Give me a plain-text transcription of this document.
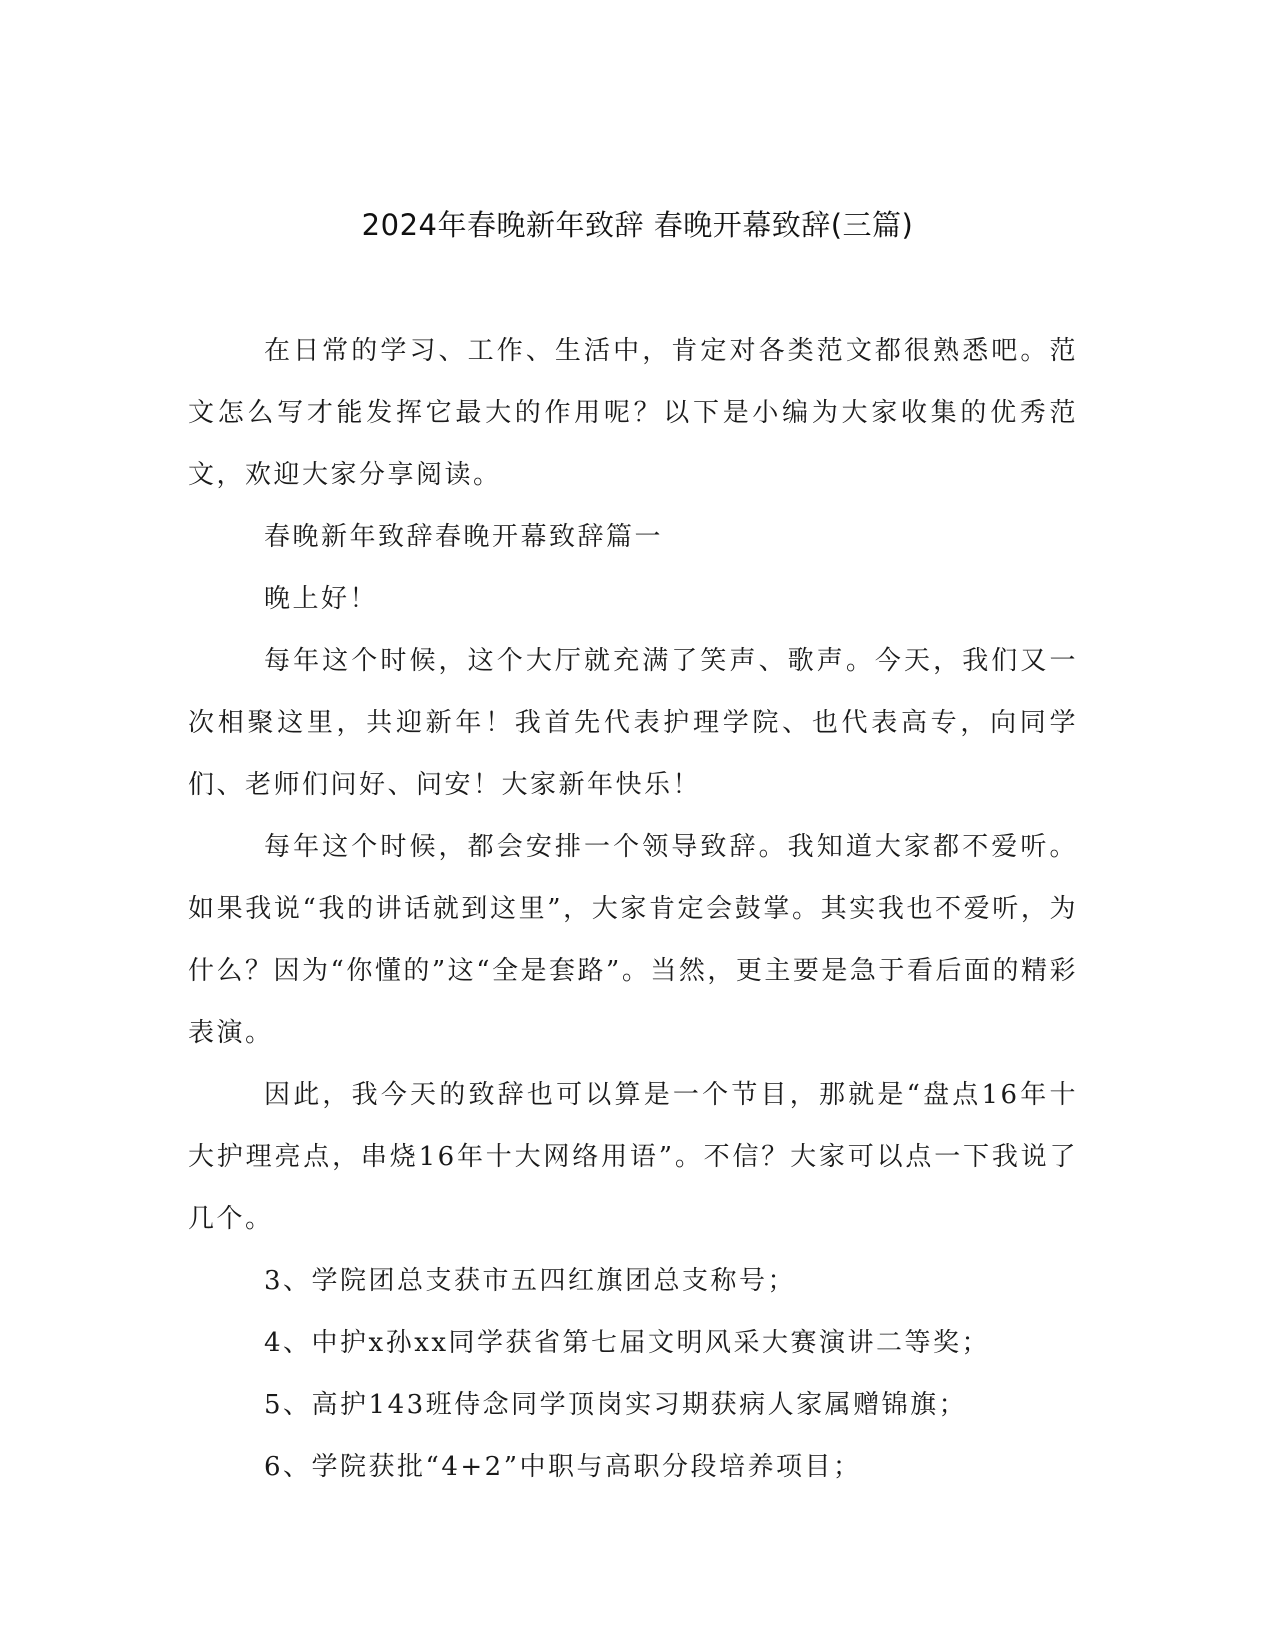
2024年春晚新年致辞 春晚开幕致辞(三篇)

在日常的学习、工作、生活中，肯定对各类范文都很熟悉吧。范文怎么写才能发挥它最大的作用呢？以下是小编为大家收集的优秀范文，欢迎大家分享阅读。

春晚新年致辞春晚开幕致辞篇一

晚上好！

每年这个时候，这个大厅就充满了笑声、歌声。今天，我们又一次相聚这里，共迎新年！我首先代表护理学院、也代表高专，向同学们、老师们问好、问安！大家新年快乐！

每年这个时候，都会安排一个领导致辞。我知道大家都不爱听。如果我说“我的讲话就到这里”，大家肯定会鼓掌。其实我也不爱听，为什么？因为“你懂的”这“全是套路”。当然，更主要是急于看后面的精彩表演。

因此，我今天的致辞也可以算是一个节目，那就是“盘点16年十大护理亮点，串烧16年十大网络用语”。不信？大家可以点一下我说了几个。

3、学院团总支获市五四红旗团总支称号；

4、中护x孙xx同学获省第七届文明风采大赛演讲二等奖；

5、高护143班侍念同学顶岗实习期获病人家属赠锦旗；

6、学院获批“4+2”中职与高职分段培养项目；
